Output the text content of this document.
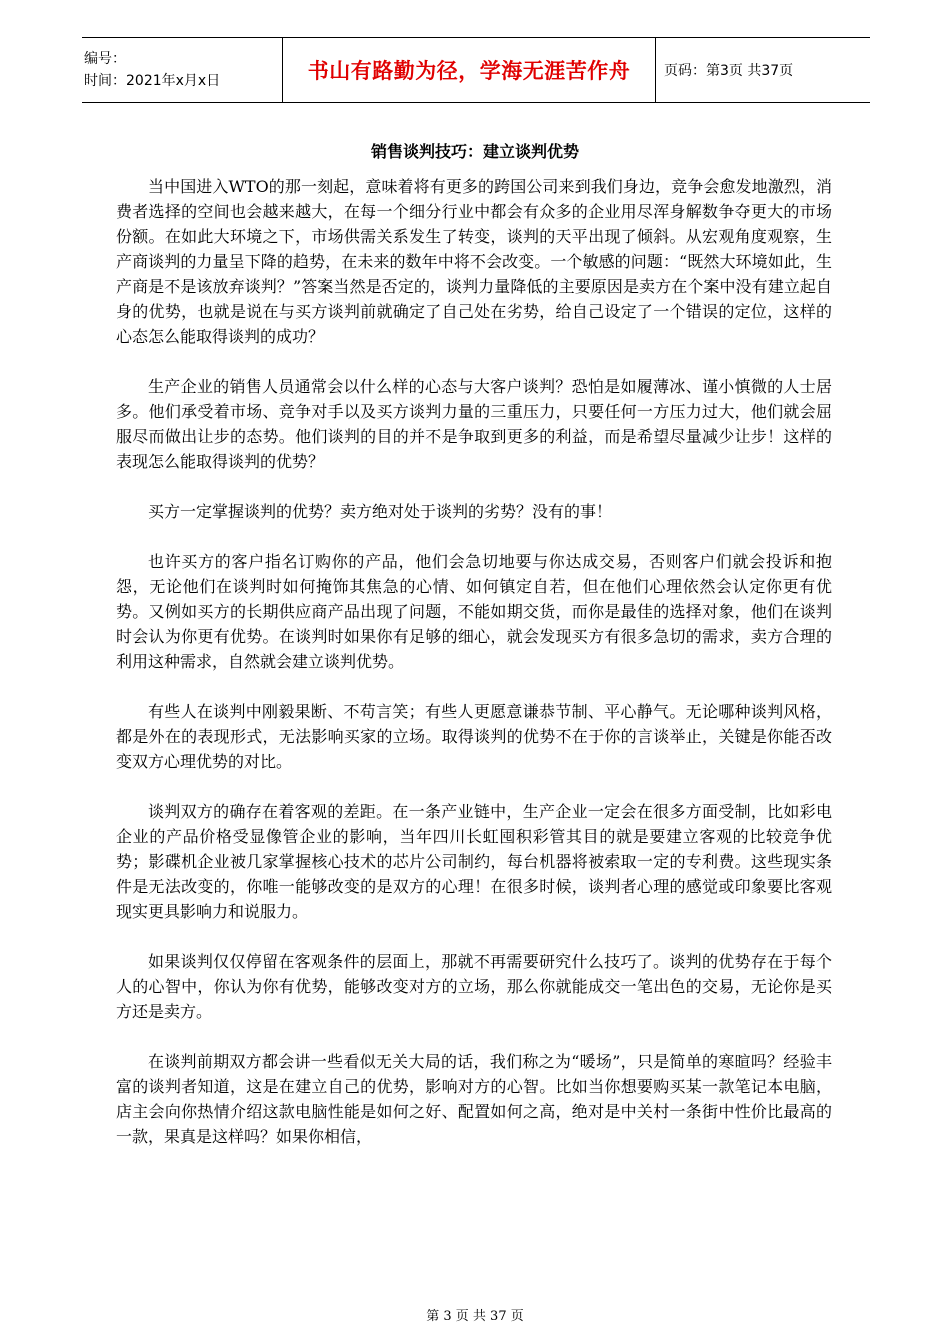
编号：
时间：2021年x月x日	书山有路勤为径，学海无涯苦作舟	页码：第3页 共37页
销售谈判技巧：建立谈判优势

当中国进入WTO的那一刻起，意味着将有更多的跨国公司来到我们身边，竞争会愈发地激烈，消费者选择的空间也会越来越大，在每一个细分行业中都会有众多的企业用尽浑身解数争夺更大的市场份额。在如此大环境之下，市场供需关系发生了转变，谈判的天平出现了倾斜。从宏观角度观察，生产商谈判的力量呈下降的趋势，在未来的数年中将不会改变。一个敏感的问题：“既然大环境如此，生产商是不是该放弃谈判？”答案当然是否定的，谈判力量降低的主要原因是卖方在个案中没有建立起自身的优势，也就是说在与买方谈判前就确定了自己处在劣势，给自己设定了一个错误的定位，这样的心态怎么能取得谈判的成功？

生产企业的销售人员通常会以什么样的心态与大客户谈判？恐怕是如履薄冰、谨小慎微的人士居多。他们承受着市场、竞争对手以及买方谈判力量的三重压力，只要任何一方压力过大，他们就会屈服尽而做出让步的态势。他们谈判的目的并不是争取到更多的利益，而是希望尽量减少让步！这样的表现怎么能取得谈判的优势？

买方一定掌握谈判的优势？卖方绝对处于谈判的劣势？没有的事！

也许买方的客户指名订购你的产品，他们会急切地要与你达成交易，否则客户们就会投诉和抱怨，无论他们在谈判时如何掩饰其焦急的心情、如何镇定自若，但在他们心理依然会认定你更有优势。又例如买方的长期供应商产品出现了问题，不能如期交货，而你是最佳的选择对象，他们在谈判时会认为你更有优势。在谈判时如果你有足够的细心，就会发现买方有很多急切的需求，卖方合理的利用这种需求，自然就会建立谈判优势。

有些人在谈判中刚毅果断、不苟言笑；有些人更愿意谦恭节制、平心静气。无论哪种谈判风格，都是外在的表现形式，无法影响买家的立场。取得谈判的优势不在于你的言谈举止，关键是你能否改变双方心理优势的对比。

谈判双方的确存在着客观的差距。在一条产业链中，生产企业一定会在很多方面受制，比如彩电企业的产品价格受显像管企业的影响，当年四川长虹囤积彩管其目的就是要建立客观的比较竞争优势；影碟机企业被几家掌握核心技术的芯片公司制约，每台机器将被索取一定的专利费。这些现实条件是无法改变的，你唯一能够改变的是双方的心理！在很多时候，谈判者心理的感觉或印象要比客观现实更具影响力和说服力。

如果谈判仅仅停留在客观条件的层面上，那就不再需要研究什么技巧了。谈判的优势存在于每个人的心智中，你认为你有优势，能够改变对方的立场，那么你就能成交一笔出色的交易，无论你是买方还是卖方。

在谈判前期双方都会讲一些看似无关大局的话，我们称之为“暖场”，只是简单的寒暄吗？经验丰富的谈判者知道，这是在建立自己的优势，影响对方的心智。比如当你想要购买某一款笔记本电脑，店主会向你热情介绍这款电脑性能是如何之好、配置如何之高，绝对是中关村一条街中性价比最高的一款，果真是这样吗？如果你相信，

第 3 页 共 37 页
